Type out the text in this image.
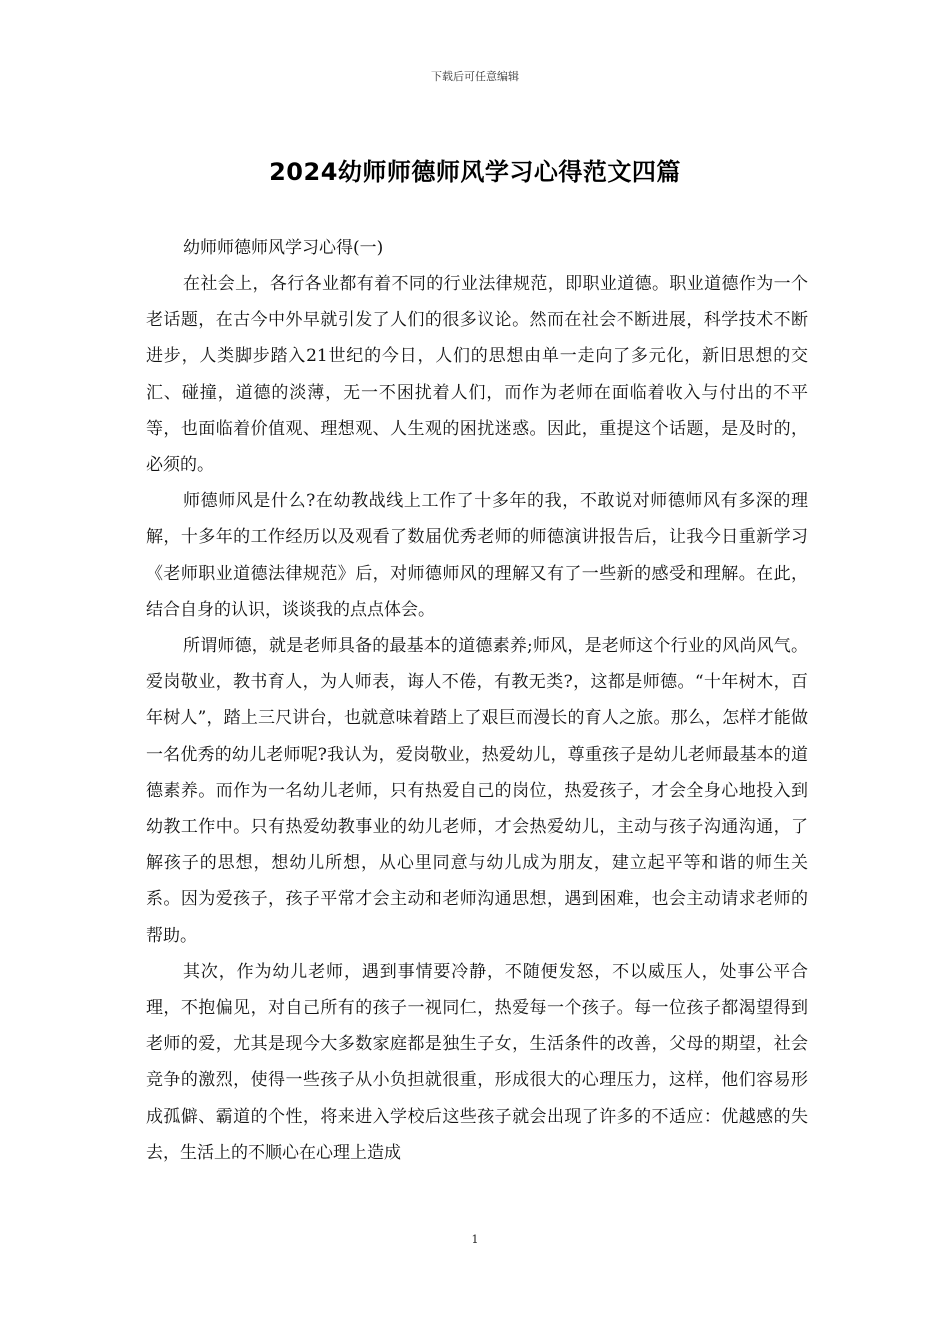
下载后可任意编辑
2024幼师师德师风学习心得范文四篇

幼师师德师风学习心得(一)

在社会上，各行各业都有着不同的行业法律规范，即职业道德。职业道德作为一个老话题，在古今中外早就引发了人们的很多议论。然而在社会不断进展，科学技术不断进步，人类脚步踏入21世纪的今日，人们的思想由单一走向了多元化，新旧思想的交汇、碰撞，道德的淡薄，无一不困扰着人们，而作为老师在面临着收入与付出的不平等，也面临着价值观、理想观、人生观的困扰迷惑。因此，重提这个话题，是及时的，必须的。

师德师风是什么?在幼教战线上工作了十多年的我，不敢说对师德师风有多深的理解，十多年的工作经历以及观看了数届优秀老师的师德演讲报告后，让我今日重新学习《老师职业道德法律规范》后，对师德师风的理解又有了一些新的感受和理解。在此，结合自身的认识，谈谈我的点点体会。

所谓师德，就是老师具备的最基本的道德素养;师风，是老师这个行业的风尚风气。爱岗敬业，教书育人，为人师表，诲人不倦，有教无类?，这都是师德。“十年树木，百年树人”，踏上三尺讲台，也就意味着踏上了艰巨而漫长的育人之旅。那么，怎样才能做一名优秀的幼儿老师呢?我认为，爱岗敬业，热爱幼儿，尊重孩子是幼儿老师最基本的道德素养。而作为一名幼儿老师，只有热爱自己的岗位，热爱孩子，才会全身心地投入到幼教工作中。只有热爱幼教事业的幼儿老师，才会热爱幼儿，主动与孩子沟通沟通，了解孩子的思想，想幼儿所想，从心里同意与幼儿成为朋友，建立起平等和谐的师生关系。因为爱孩子，孩子平常才会主动和老师沟通思想，遇到困难，也会主动请求老师的帮助。

其次，作为幼儿老师，遇到事情要冷静，不随便发怒，不以威压人，处事公平合理，不抱偏见，对自己所有的孩子一视同仁，热爱每一个孩子。每一位孩子都渴望得到老师的爱，尤其是现今大多数家庭都是独生子女，生活条件的改善，父母的期望，社会竞争的激烈，使得一些孩子从小负担就很重，形成很大的心理压力，这样，他们容易形成孤僻、霸道的个性，将来进入学校后这些孩子就会出现了许多的不适应：优越感的失去，生活上的不顺心在心理上造成

1
